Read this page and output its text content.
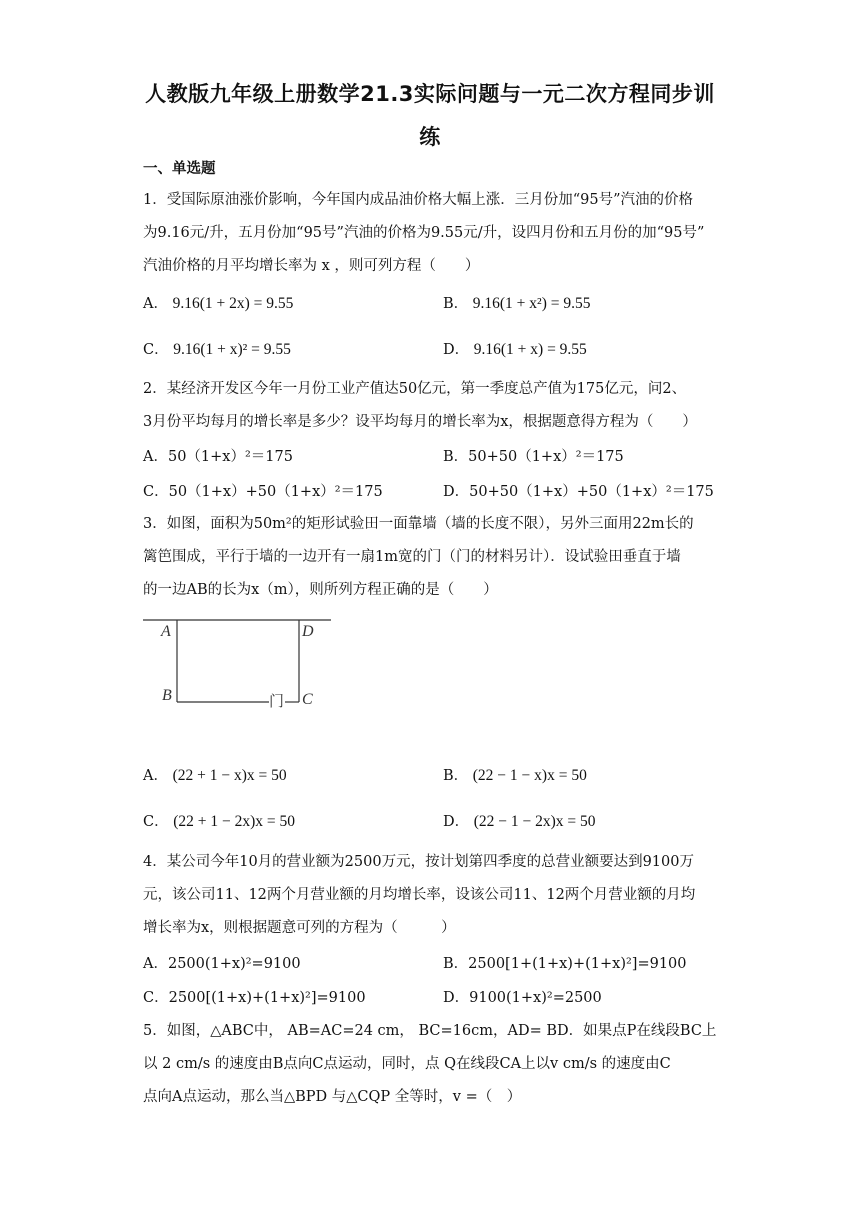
人教版九年级上册数学21.3实际问题与一元二次方程同步训
练
一、单选题
1．受国际原油涨价影响，今年国内成品油价格大幅上涨．三月份加“95号”汽油的价格
为9.16元/升，五月份加“95号”汽油的价格为9.55元/升，设四月份和五月份的加“95号”
汽油价格的月平均增长率为 x ，则可列方程（　　）
A． 9.16(1 + 2x) = 9.55	B． 9.16(1 + x²) = 9.55
C． 9.16(1 + x)² = 9.55	D． 9.16(1 + x) = 9.55
2．某经济开发区今年一月份工业产值达50亿元，第一季度总产值为175亿元，问2、
3月份平均每月的增长率是多少？设平均每月的增长率为x，根据题意得方程为（　　）
A．50（1+x）²＝175	B．50+50（1+x）²＝175
C．50（1+x）+50（1+x）²＝175	D．50+50（1+x）+50（1+x）²＝175
3．如图，面积为50m²的矩形试验田一面靠墙（墙的长度不限），另外三面用22m长的
篱笆围成，平行于墙的一边开有一扇1m宽的门（门的材料另计）．设试验田垂直于墙
的一边AB的长为x（m），则所列方程正确的是（　　）
A	D
B	C
门
A． (22 + 1 − x)x = 50	B． (22 − 1 − x)x = 50
C． (22 + 1 − 2x)x = 50	D． (22 − 1 − 2x)x = 50
4．某公司今年10月的营业额为2500万元，按计划第四季度的总营业额要达到9100万
元，该公司11、12两个月营业额的月均增长率，设该公司11、12两个月营业额的月均
增长率为x，则根据题意可列的方程为（　　　）
A．2500(1+x)²=9100	B．2500[1+(1+x)+(1+x)²]=9100
C．2500[(1+x)+(1+x)²]=9100	D．9100(1+x)²=2500
5．如图，△ABC中， AB=AC=24 cm， BC=16cm，AD= BD．如果点P在线段BC上
以 2 cm/s 的速度由B点向C点运动，同时，点 Q在线段CA上以v cm/s 的速度由C
点向A点运动，那么当△BPD 与△CQP 全等时，v =（　）
